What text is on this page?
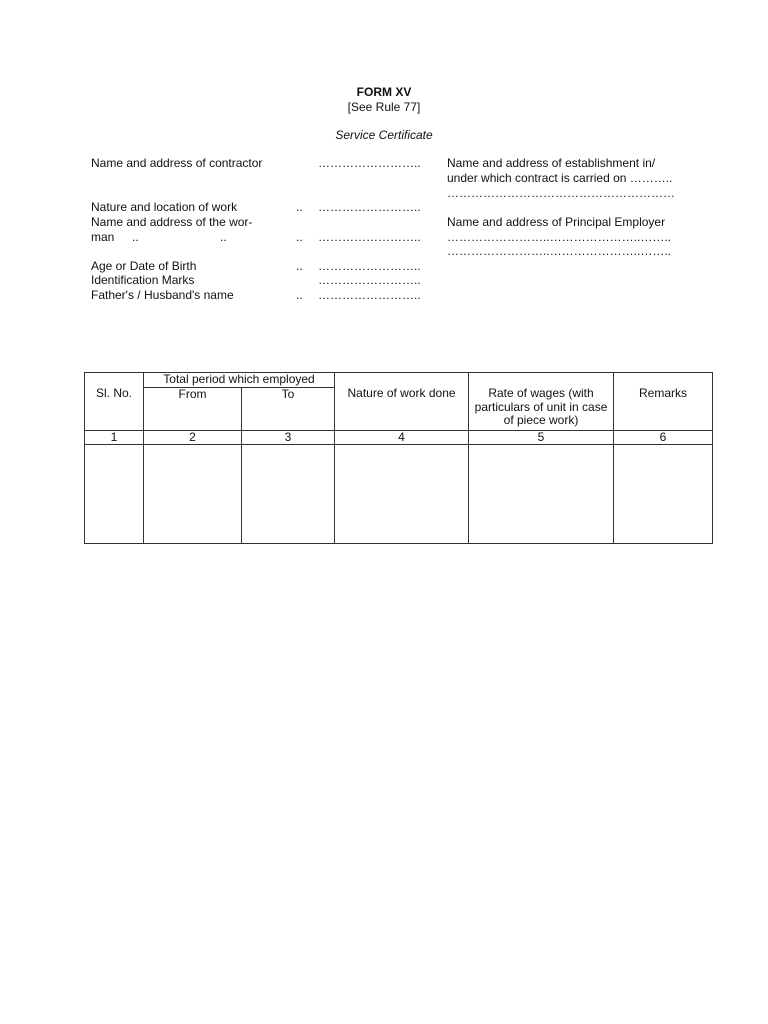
FORM XV
[See Rule 77]
Service Certificate
Name and address of contractor	……………………..
Nature and location of work	.. ……………………..
Name and address of the wor-
man ..	..	.. ……………………..
Age or Date of Birth	.. ……………………..
Identification Marks	……………………..
Father's / Husband's name	.. ……………………..
Name and address of establishment in/
under which contract is carried on ………..
…………………………………………………
Name and address of Principal Employer
……………………..…………………..……..
……………………..…………………..……..
	Total period which employed				
Sl. No.	From	To	Nature of work done	Rate of wages (with particulars of unit in case of piece work)	Remarks
1	2	3	4	5	6
